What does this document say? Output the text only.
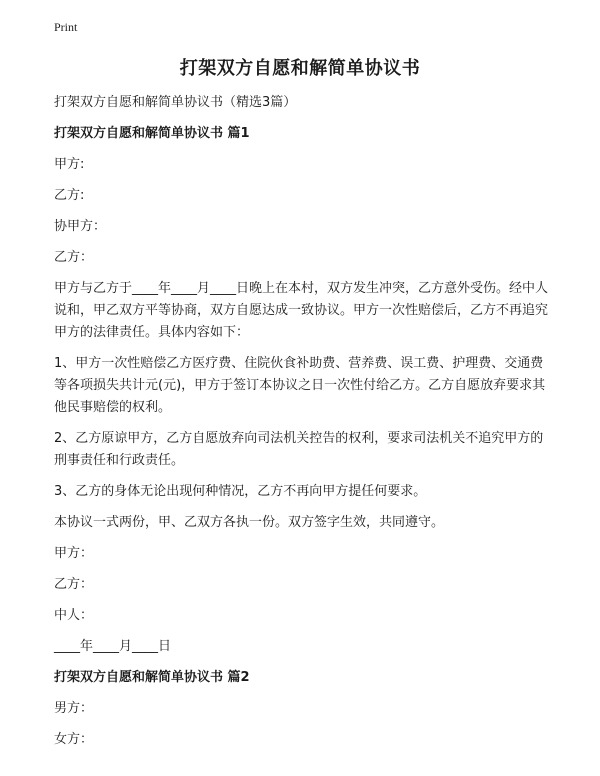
Print
打架双方自愿和解简单协议书

打架双方自愿和解简单协议书（精选3篇）

打架双方自愿和解简单协议书 篇1

甲方:

乙方:

协甲方：

乙方：

甲方与乙方于____年____月____日晚上在本村，双方发生冲突，乙方意外受伤。经中人说和，甲乙双方平等协商，双方自愿达成一致协议。甲方一次性赔偿后，乙方不再追究甲方的法律责任。具体内容如下：

1、甲方一次性赔偿乙方医疗费、住院伙食补助费、营养费、误工费、护理费、交通费等各项损失共计元(元)，甲方于签订本协议之日一次性付给乙方。乙方自愿放弃要求其他民事赔偿的权利。

2、乙方原谅甲方，乙方自愿放弃向司法机关控告的权利，要求司法机关不追究甲方的刑事责任和行政责任。

3、乙方的身体无论出现何种情况，乙方不再向甲方提任何要求。

本协议一式两份，甲、乙双方各执一份。双方签字生效，共同遵守。

甲方：

乙方：

中人：

____年____月____日

打架双方自愿和解简单协议书 篇2

男方：

女方：
